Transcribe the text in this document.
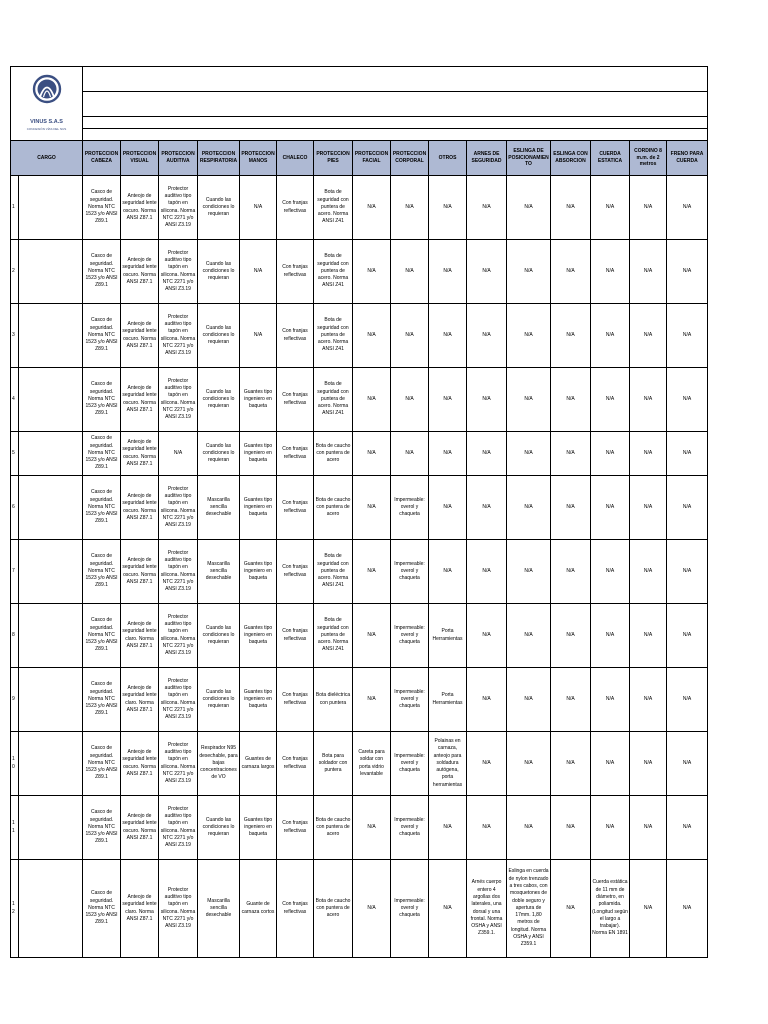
VINUS S.A.S
CONCESIÓN VÍAS DEL NUS																	

CARGO		PROTECCION CABEZA	PROTECCION VISUAL	PROTECCION AUDITIVA	PROTECCION RESPIRATORIA	PROTECCION MANOS	CHALECO	PROTECCION PIES	PROTECCION FACIAL	PROTECCION CORPORAL	OTROS	ARNES DE SEGURIDAD	ESLINGA DE POSICIONAMIENTO	ESLINGA CON ABSORCION	CUERDA ESTATICA	CORDINO 8 m.m. de 2 metros	FRENO PARA CUERDA
1		Casco de seguridad. Norma NTC 1523 y/o ANSI Z89.1	Anteojo de seguridad lente oscuro. Norma ANSI Z87.1	Protector auditivo tipo tapón en silicona. Norma NTC 2271 y/o ANSI Z3.19	Cuando las condiciones lo requieran	N/A	Con franjas reflectivas	Bota de seguridad con puntera de acero. Norma ANSI Z41	N/A	N/A	N/A	N/A	N/A	N/A	N/A	N/A	N/A
2		Casco de seguridad. Norma NTC 1523 y/o ANSI Z89.1	Anteojo de seguridad lente oscuro. Norma ANSI Z87.1	Protector auditivo tipo tapón en silicona. Norma NTC 2271 y/o ANSI Z3.19	Cuando las condiciones lo requieran	N/A	Con franjas reflectivas	Bota de seguridad con puntera de acero. Norma ANSI Z41	N/A	N/A	N/A	N/A	N/A	N/A	N/A	N/A	N/A
3		Casco de seguridad. Norma NTC 1523 y/o ANSI Z89.1	Anteojo de seguridad lente oscuro. Norma ANSI Z87.1	Protector auditivo tipo tapón en silicona. Norma NTC 2271 y/o ANSI Z3.19	Cuando las condiciones lo requieran	N/A	Con franjas reflectivas	Bota de seguridad con puntera de acero. Norma ANSI Z41	N/A	N/A	N/A	N/A	N/A	N/A	N/A	N/A	N/A
4		Casco de seguridad. Norma NTC 1523 y/o ANSI Z89.1	Anteojo de seguridad lente oscuro. Norma ANSI Z87.1	Protector auditivo tipo tapón en silicona. Norma NTC 2271 y/o ANSI Z3.19	Cuando las condiciones lo requieran	Guantes tipo ingeniero en baqueta	Con franjas reflectivas	Bota de seguridad con puntera de acero. Norma ANSI Z41	N/A	N/A	N/A	N/A	N/A	N/A	N/A	N/A	N/A
5		Casco de seguridad. Norma NTC 1523 y/o ANSI Z89.1	Anteojo de seguridad lente oscuro. Norma ANSI Z87.1	N/A	Cuando las condiciones lo requieran	Guantes tipo ingeniero en baqueta	Con franjas reflectivas	Bota de caucho con puntera de acero	N/A	N/A	N/A	N/A	N/A	N/A	N/A	N/A	N/A
6		Casco de seguridad. Norma NTC 1523 y/o ANSI Z89.1	Anteojo de seguridad lente oscuro. Norma ANSI Z87.1	Protector auditivo tipo tapón en silicona. Norma NTC 2271 y/o ANSI Z3.19	Mascarilla sencilla desechable	Guantes tipo ingeniero en baqueta	Con franjas reflectivas	Bota de caucho con puntera de acero	N/A	Impermeable: overol y chaqueta	N/A	N/A	N/A	N/A	N/A	N/A	N/A
7		Casco de seguridad. Norma NTC 1523 y/o ANSI Z89.1	Anteojo de seguridad lente oscuro. Norma ANSI Z87.1	Protector auditivo tipo tapón en silicona. Norma NTC 2271 y/o ANSI Z3.19	Mascarilla sencilla desechable	Guantes tipo ingeniero en baqueta	Con franjas reflectivas	Bota de seguridad con puntera de acero. Norma ANSI Z41	N/A	Impermeable: overol y chaqueta	N/A	N/A	N/A	N/A	N/A	N/A	N/A
8		Casco de seguridad. Norma NTC 1523 y/o ANSI Z89.1	Anteojo de seguridad lente claro. Norma ANSI Z87.1	Protector auditivo tipo tapón en silicona. Norma NTC 2271 y/o ANSI Z3.19	Cuando las condiciones lo requieran	Guantes tipo ingeniero en baqueta	Con franjas reflectivas	Bota de seguridad con puntera de acero. Norma ANSI Z41	N/A	Impermeable: overol y chaqueta	Porta Herramientas	N/A	N/A	N/A	N/A	N/A	N/A
9		Casco de seguridad. Norma NTC 1523 y/o ANSI Z89.1	Anteojo de seguridad lente claro. Norma ANSI Z87.1	Protector auditivo tipo tapón en silicona. Norma NTC 2271 y/o ANSI Z3.19	Cuando las condiciones lo requieran	Guantes tipo ingeniero en baqueta	Con franjas reflectivas	Bota dieléctrica con puntera	N/A	Impermeable: overol y chaqueta	Porta Herramientas	N/A	N/A	N/A	N/A	N/A	N/A
10		Casco de seguridad. Norma NTC 1523 y/o ANSI Z89.1	Anteojo de seguridad lente oscuro. Norma ANSI Z87.1	Protector auditivo tipo tapón en silicona. Norma NTC 2271 y/o ANSI Z3.19	Respirador N95 desechable, para bajas concentraciones de VO	Guantes de carnaza largos	Con franjas reflectivas	Bota para soldador con puntera	Careta para soldar con porta vidrio levantable	Impermeable: overol y chaqueta	Polainas en carnaza, anteojo para soldadura autógena, porta herramientas	N/A	N/A	N/A	N/A	N/A	N/A
11		Casco de seguridad. Norma NTC 1523 y/o ANSI Z89.1	Anteojo de seguridad lente oscuro. Norma ANSI Z87.1	Protector auditivo tipo tapón en silicona. Norma NTC 2271 y/o ANSI Z3.19	Cuando las condiciones lo requieran	Guantes tipo ingeniero en baqueta	Con franjas reflectivas	Bota de caucho con puntera de acero	N/A	Impermeable: overol y chaqueta	N/A	N/A	N/A	N/A	N/A	N/A	N/A
12		Casco de seguridad. Norma NTC 1523 y/o ANSI Z89.1	Anteojo de seguridad lente claro. Norma ANSI Z87.1	Protector auditivo tipo tapón en silicona. Norma NTC 2271 y/o ANSI Z3.19	Mascarilla sencilla desechable	Guante de carnaza cortos	Con franjas reflectivas	Bota de caucho con puntera de acero	N/A	Impermeable: overol y chaqueta	N/A	Arnés cuerpo entero 4 argollas dos laterales, una dorsal y una frontal. Norma OSHA y ANSI Z359.1.	Eslinga en cuerda de nylon trenzado a tres cabos, con mosquetones de doble seguro y apertura de 17mm. 1,80 metros de longitud. Norma OSHA y ANSI Z359.1	N/A	Cuerda estática de 11 mm de diámetro, en poliamida. (Longitud según el largo a trabajar). Norma EN 1891	N/A	N/A
